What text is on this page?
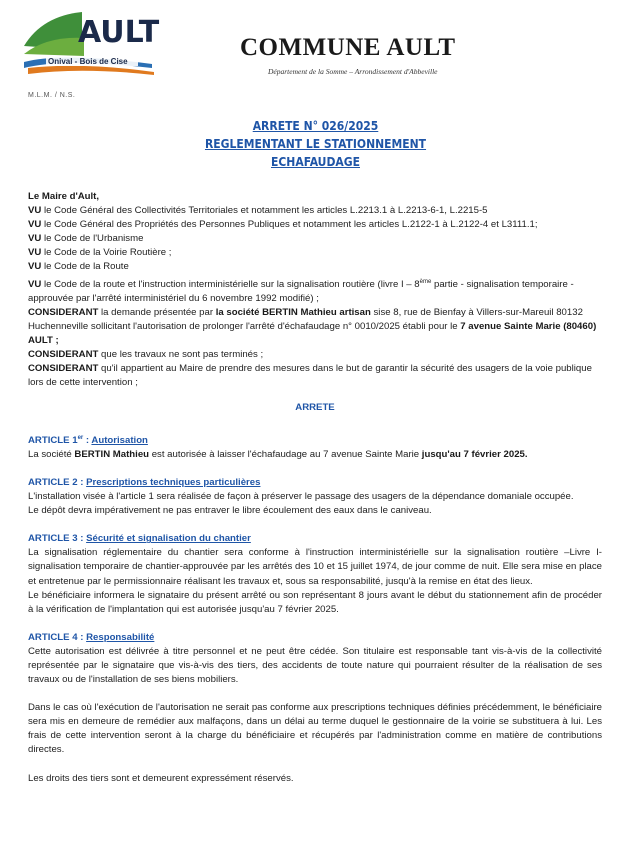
AULT
Onival - Bois de Cise
M.L.M. / N.S.
COMMUNE AULT
Département de la Somme – Arrondissement d'Abbeville
ARRETE N° 026/2025
REGLEMENTANT LE STATIONNEMENT
ECHAFAUDAGE

Le Maire d'Ault,

VU le Code Général des Collectivités Territoriales et notamment les articles L.2213.1 à L.2213-6-1, L.2215-5

VU le Code Général des Propriétés des Personnes Publiques et notamment les articles L.2122-1 à L.2122-4 et L3111.1;

VU le Code de l'Urbanisme

VU le Code de la Voirie Routière ;

VU le Code de la Route

VU le Code de la route et l'instruction interministérielle sur la signalisation routière (livre I – 8ème partie - signalisation temporaire - approuvée par l'arrêté interministériel du 6 novembre 1992 modifié) ;

CONSIDERANT la demande présentée par la société BERTIN Mathieu artisan sise 8, rue de Bienfay à Villers-sur-Mareuil 80132 Huchenneville sollicitant l'autorisation de prolonger l'arrêté d'échafaudage n° 0010/2025 établi pour le 7 avenue Sainte Marie (80460) AULT ;

CONSIDERANT que les travaux ne sont pas terminés ;

CONSIDERANT qu'il appartient au Maire de prendre des mesures dans le but de garantir la sécurité des usagers de la voie publique lors de cette intervention ;

ARRETE

ARTICLE 1er : Autorisation

La société BERTIN Mathieu est autorisée à laisser l'échafaudage au 7 avenue Sainte Marie jusqu'au 7 février 2025.

ARTICLE 2 : Prescriptions techniques particulières

L'installation visée à l'article 1 sera réalisée de façon à préserver le passage des usagers de la dépendance domaniale occupée.

Le dépôt devra impérativement ne pas entraver le libre écoulement des eaux dans le caniveau.

ARTICLE 3 : Sécurité et signalisation du chantier

La signalisation réglementaire du chantier sera conforme à l'instruction interministérielle sur la signalisation routière –Livre I-signalisation temporaire de chantier-approuvée par les arrêtés des 10 et 15 juillet 1974, de jour comme de nuit. Elle sera mise en place et entretenue par le permissionnaire réalisant les travaux et, sous sa responsabilité, jusqu'à la remise en état des lieux.

Le bénéficiaire informera le signataire du présent arrêté ou son représentant 8 jours avant le début du stationnement afin de procéder à la vérification de l'implantation qui est autorisée jusqu'au 7 février 2025.

ARTICLE 4 : Responsabilité

Cette autorisation est délivrée à titre personnel et ne peut être cédée. Son titulaire est responsable tant vis-à-vis de la collectivité représentée par le signataire que vis-à-vis des tiers, des accidents de toute nature qui pourraient résulter de la réalisation de ses travaux ou de l'installation de ses biens mobiliers.

Dans le cas où l'exécution de l'autorisation ne serait pas conforme aux prescriptions techniques définies précédemment, le bénéficiaire sera mis en demeure de remédier aux malfaçons, dans un délai au terme duquel le gestionnaire de la voirie se substituera à lui. Les frais de cette intervention seront à la charge du bénéficiaire et récupérés par l'administration comme en matière de contributions directes.

Les droits des tiers sont et demeurent expressément réservés.
